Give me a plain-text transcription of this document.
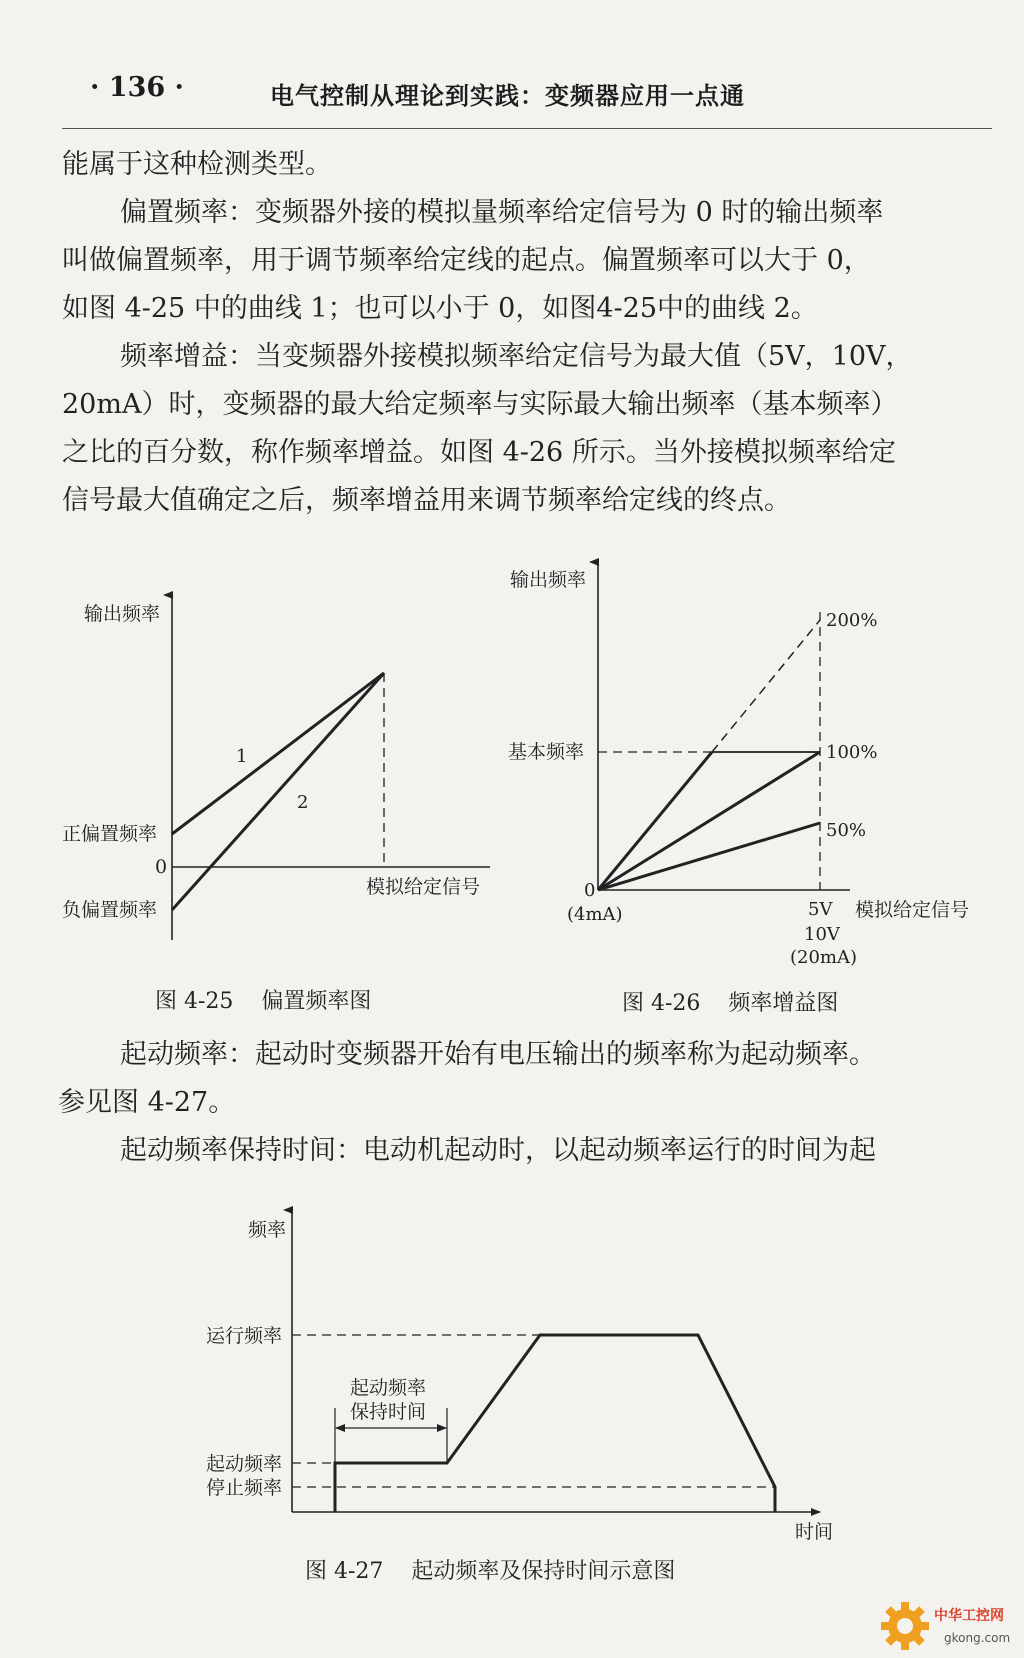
· 136 ·	电气控制从理论到实践：变频器应用一点通

能属于这种检测类型。

偏置频率：变频器外接的模拟量频率给定信号为 0 时的输出频率

叫做偏置频率，用于调节频率给定线的起点。偏置频率可以大于 0，

如图 4-25 中的曲线 1；也可以小于 0，如图4-25中的曲线 2。

频率增益：当变频器外接模拟频率给定信号为最大值（5V，10V，

20mA）时，变频器的最大给定频率与实际最大输出频率（基本频率）

之比的百分数，称作频率增益。如图 4-26 所示。当外接模拟频率给定

信号最大值确定之后，频率增益用来调节频率给定线的终点。

起动频率：起动时变频器开始有电压输出的频率称为起动频率。

参见图 4-27。

起动频率保持时间：电动机起动时，以起动频率运行的时间为起

输出频率
正偏置频率
0
负偏置频率
模拟给定信号
1
2
图 4-25    偏置频率图
输出频率
基本频率
0
(4mA)
200%
100%
50%
5V
10V
(20mA)
模拟给定信号
图 4-26    频率增益图
频率
运行频率
起动频率
保持时间
起动频率
停止频率
时间
图 4-27    起动频率及保持时间示意图
中华工控网
gkong.com
